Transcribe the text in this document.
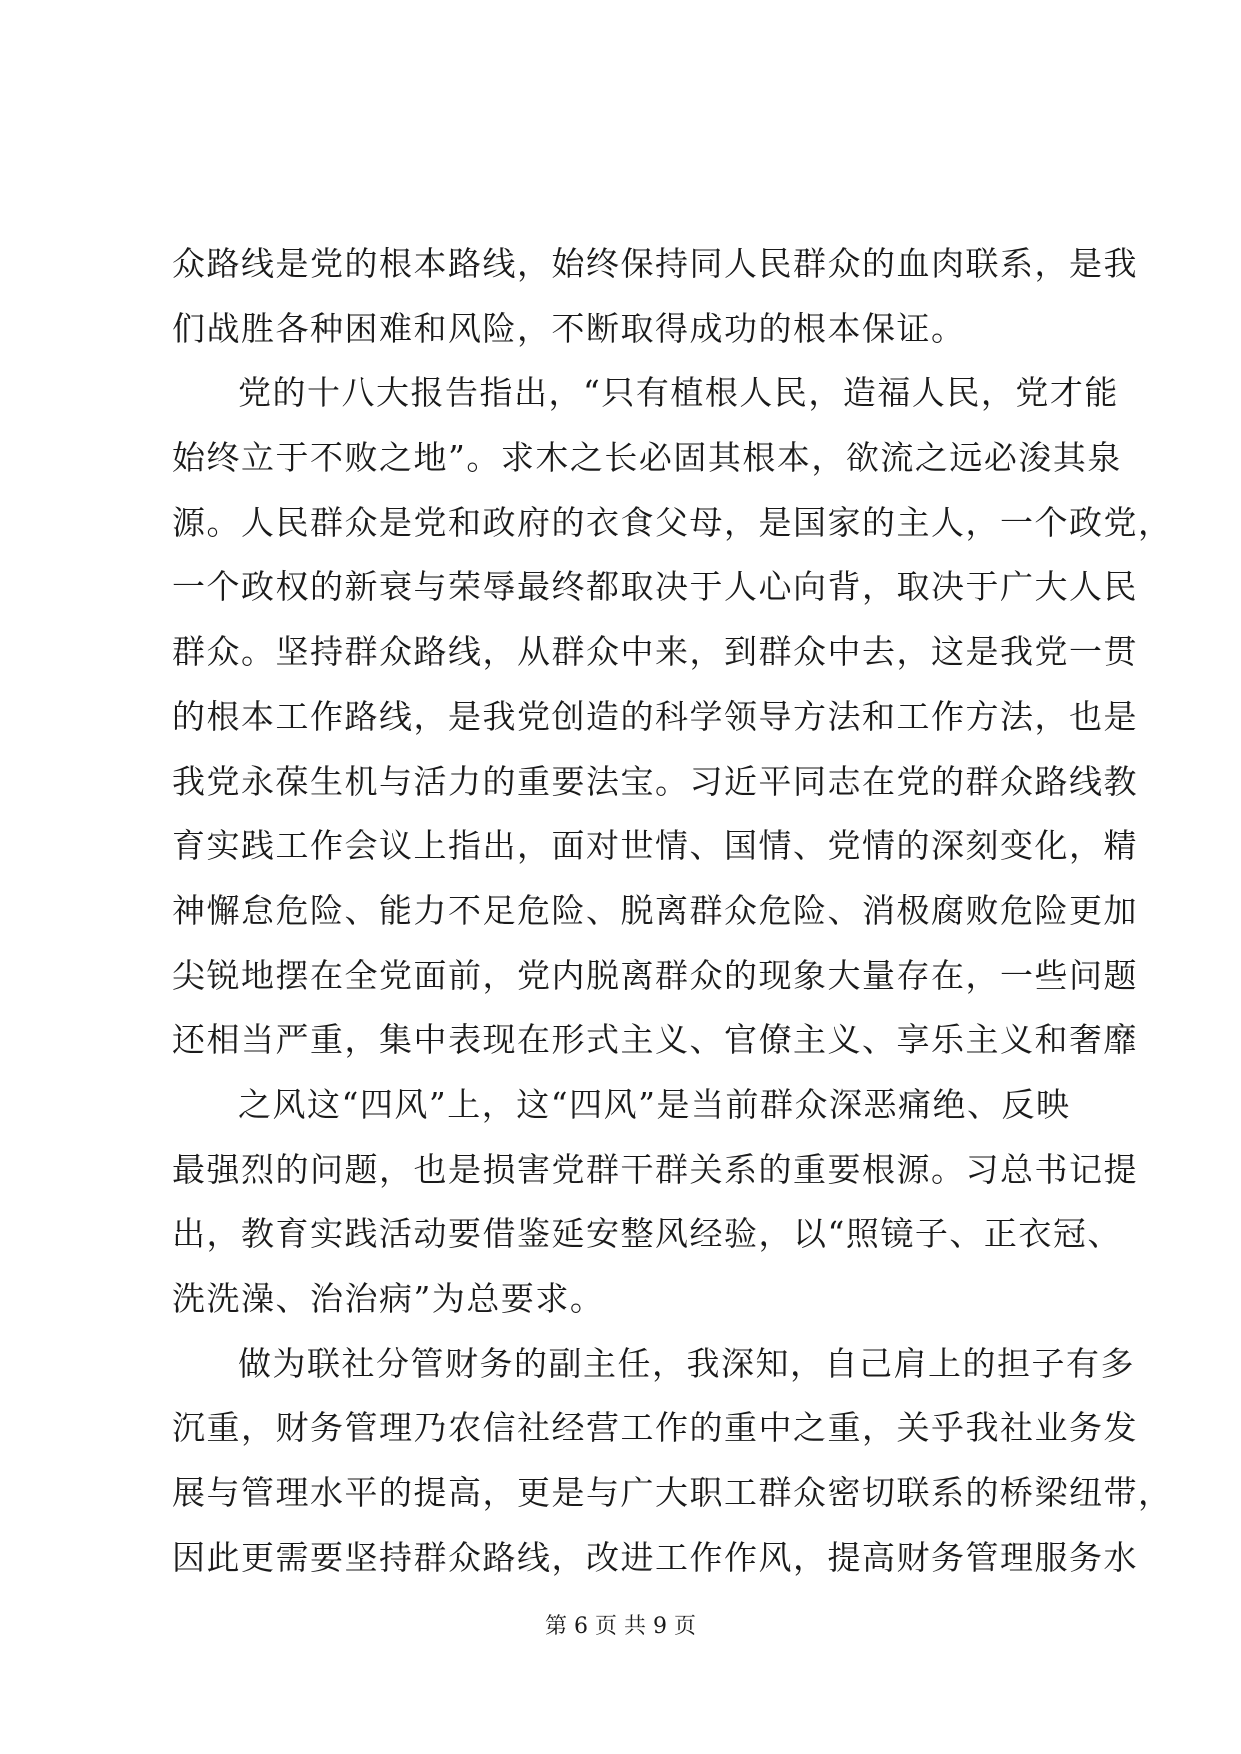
众路线是党的根本路线，始终保持同人民群众的血肉联系，是我
们战胜各种困难和风险，不断取得成功的根本保证。
党的十八大报告指出，“只有植根人民，造福人民，党才能
始终立于不败之地”。求木之长必固其根本，欲流之远必浚其泉
源。人民群众是党和政府的衣食父母，是国家的主人，一个政党，
一个政权的新衰与荣辱最终都取决于人心向背，取决于广大人民
群众。坚持群众路线，从群众中来，到群众中去，这是我党一贯
的根本工作路线，是我党创造的科学领导方法和工作方法，也是
我党永葆生机与活力的重要法宝。习近平同志在党的群众路线教
育实践工作会议上指出，面对世情、国情、党情的深刻变化，精
神懈怠危险、能力不足危险、脱离群众危险、消极腐败危险更加
尖锐地摆在全党面前，党内脱离群众的现象大量存在，一些问题
还相当严重，集中表现在形式主义、官僚主义、享乐主义和奢靡
之风这“四风”上，这“四风”是当前群众深恶痛绝、反映
最强烈的问题，也是损害党群干群关系的重要根源。习总书记提
出，教育实践活动要借鉴延安整风经验，以“照镜子、正衣冠、
洗洗澡、治治病”为总要求。
做为联社分管财务的副主任，我深知，自己肩上的担子有多
沉重，财务管理乃农信社经营工作的重中之重，关乎我社业务发
展与管理水平的提高，更是与广大职工群众密切联系的桥梁纽带，
因此更需要坚持群众路线，改进工作作风，提高财务管理服务水
第 6 页 共 9 页
